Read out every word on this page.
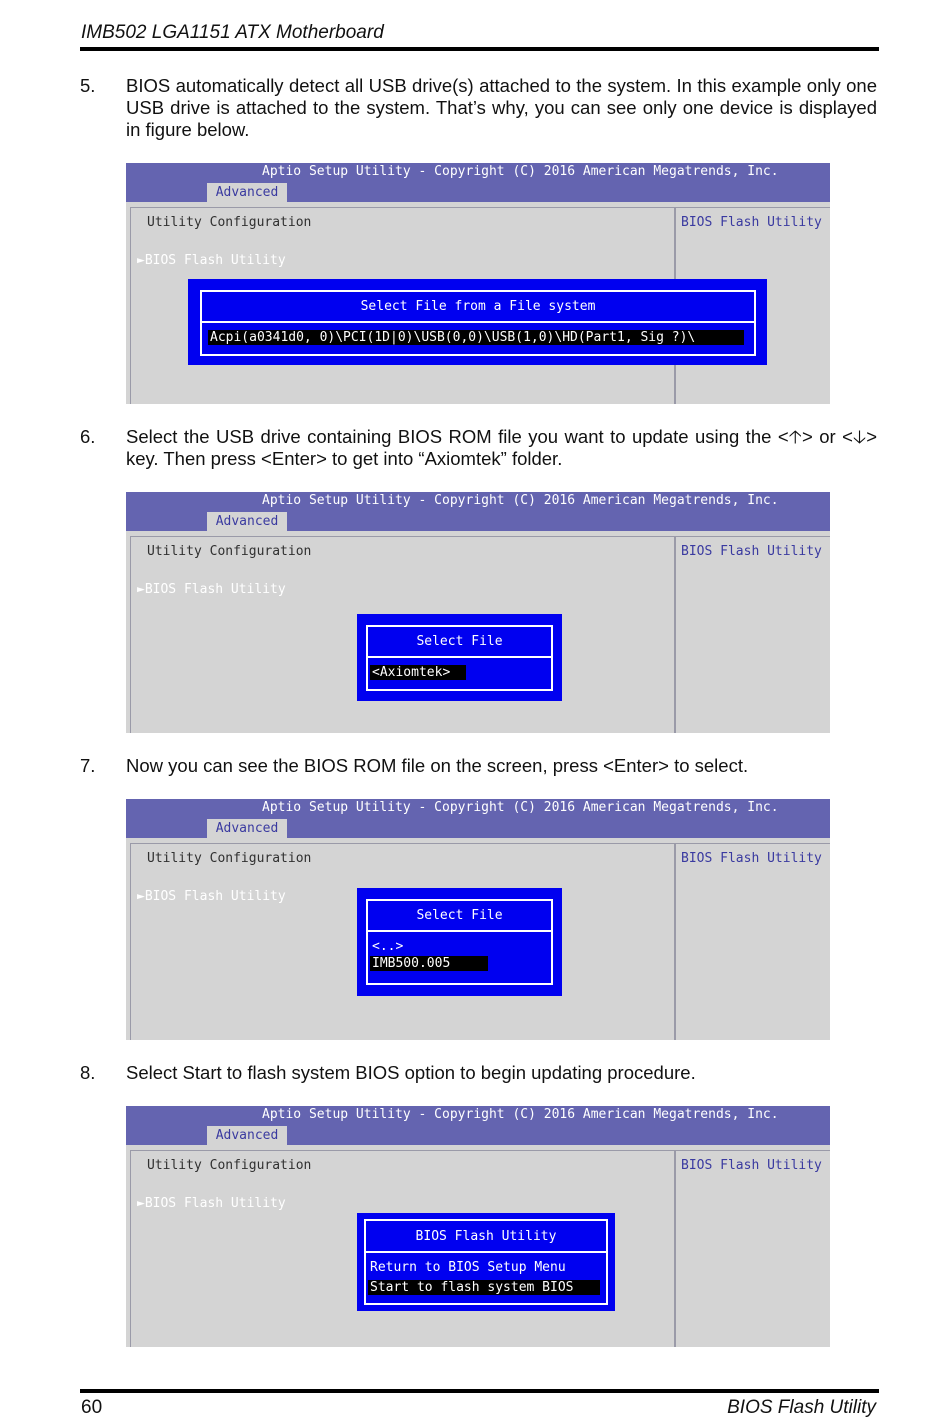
IMB502 LGA1151 ATX Motherboard
5. BIOS automatically detect all USB drive(s) attached to the system. In this example only one USB drive is attached to the system. That’s why, you can see only one device is displayed in figure below.
Aptio Setup Utility - Copyright (C) 2016 American Megatrends, Inc.
Advanced
Utility Configuration
►BIOS Flash Utility
BIOS Flash Utility
Select File from a File system
Acpi(a0341d0, 0)\PCI(1D|0)\USB(0,0)\USB(1,0)\HD(Part1, Sig ?)\
6. Select the USB drive containing BIOS ROM file you want to update using the <🡡> or <🡣> key. Then press <Enter> to get into “Axiomtek” folder.
Aptio Setup Utility - Copyright (C) 2016 American Megatrends, Inc.
Advanced
Utility Configuration
►BIOS Flash Utility
BIOS Flash Utility
Select File
<Axiomtek>
7. Now you can see the BIOS ROM file on the screen, press <Enter> to select.
Aptio Setup Utility - Copyright (C) 2016 American Megatrends, Inc.
Advanced
Utility Configuration
►BIOS Flash Utility
BIOS Flash Utility
Select File
<..>
IMB500.005
8. Select Start to flash system BIOS option to begin updating procedure.
Aptio Setup Utility - Copyright (C) 2016 American Megatrends, Inc.
Advanced
Utility Configuration
►BIOS Flash Utility
BIOS Flash Utility
BIOS Flash Utility
Return to BIOS Setup Menu
Start to flash system BIOS
60	BIOS Flash Utility
